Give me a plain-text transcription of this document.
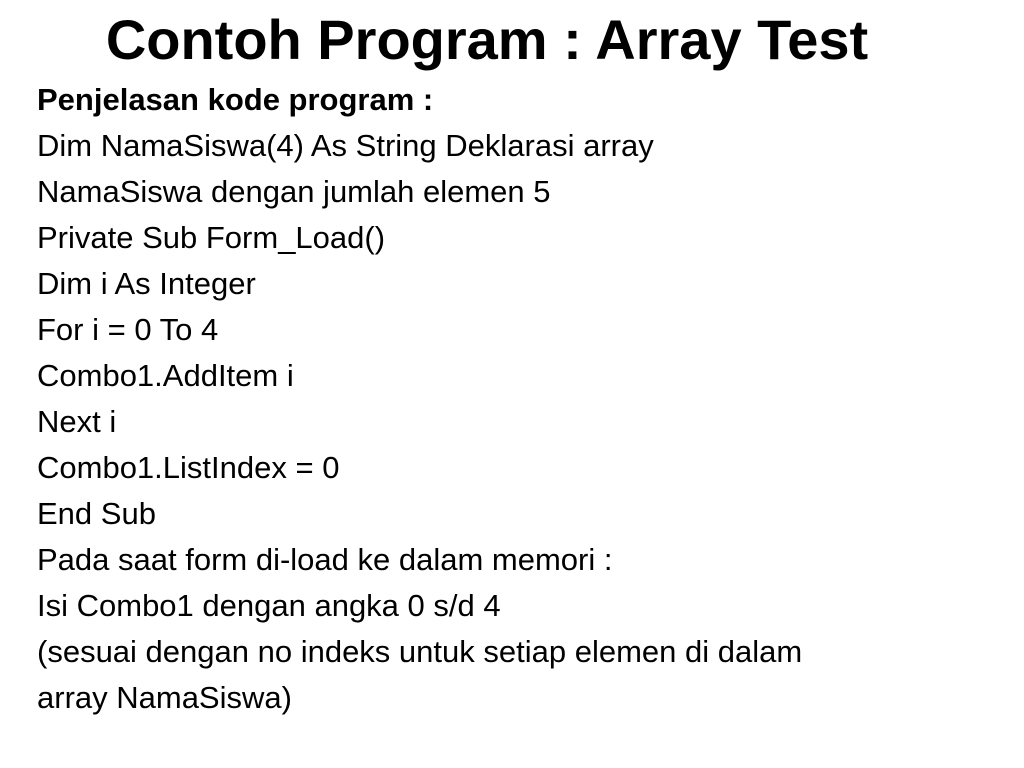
Contoh Program : Array Test

Penjelasan kode program :

Dim NamaSiswa(4) As String Deklarasi array

NamaSiswa dengan jumlah elemen 5

Private Sub Form_Load()

Dim i As Integer

For i = 0 To 4

Combo1.AddItem i

Next i

Combo1.ListIndex = 0

End Sub

Pada saat form di-load ke dalam memori :

Isi Combo1 dengan angka 0 s/d 4

(sesuai dengan no indeks untuk setiap elemen di dalam

array NamaSiswa)
